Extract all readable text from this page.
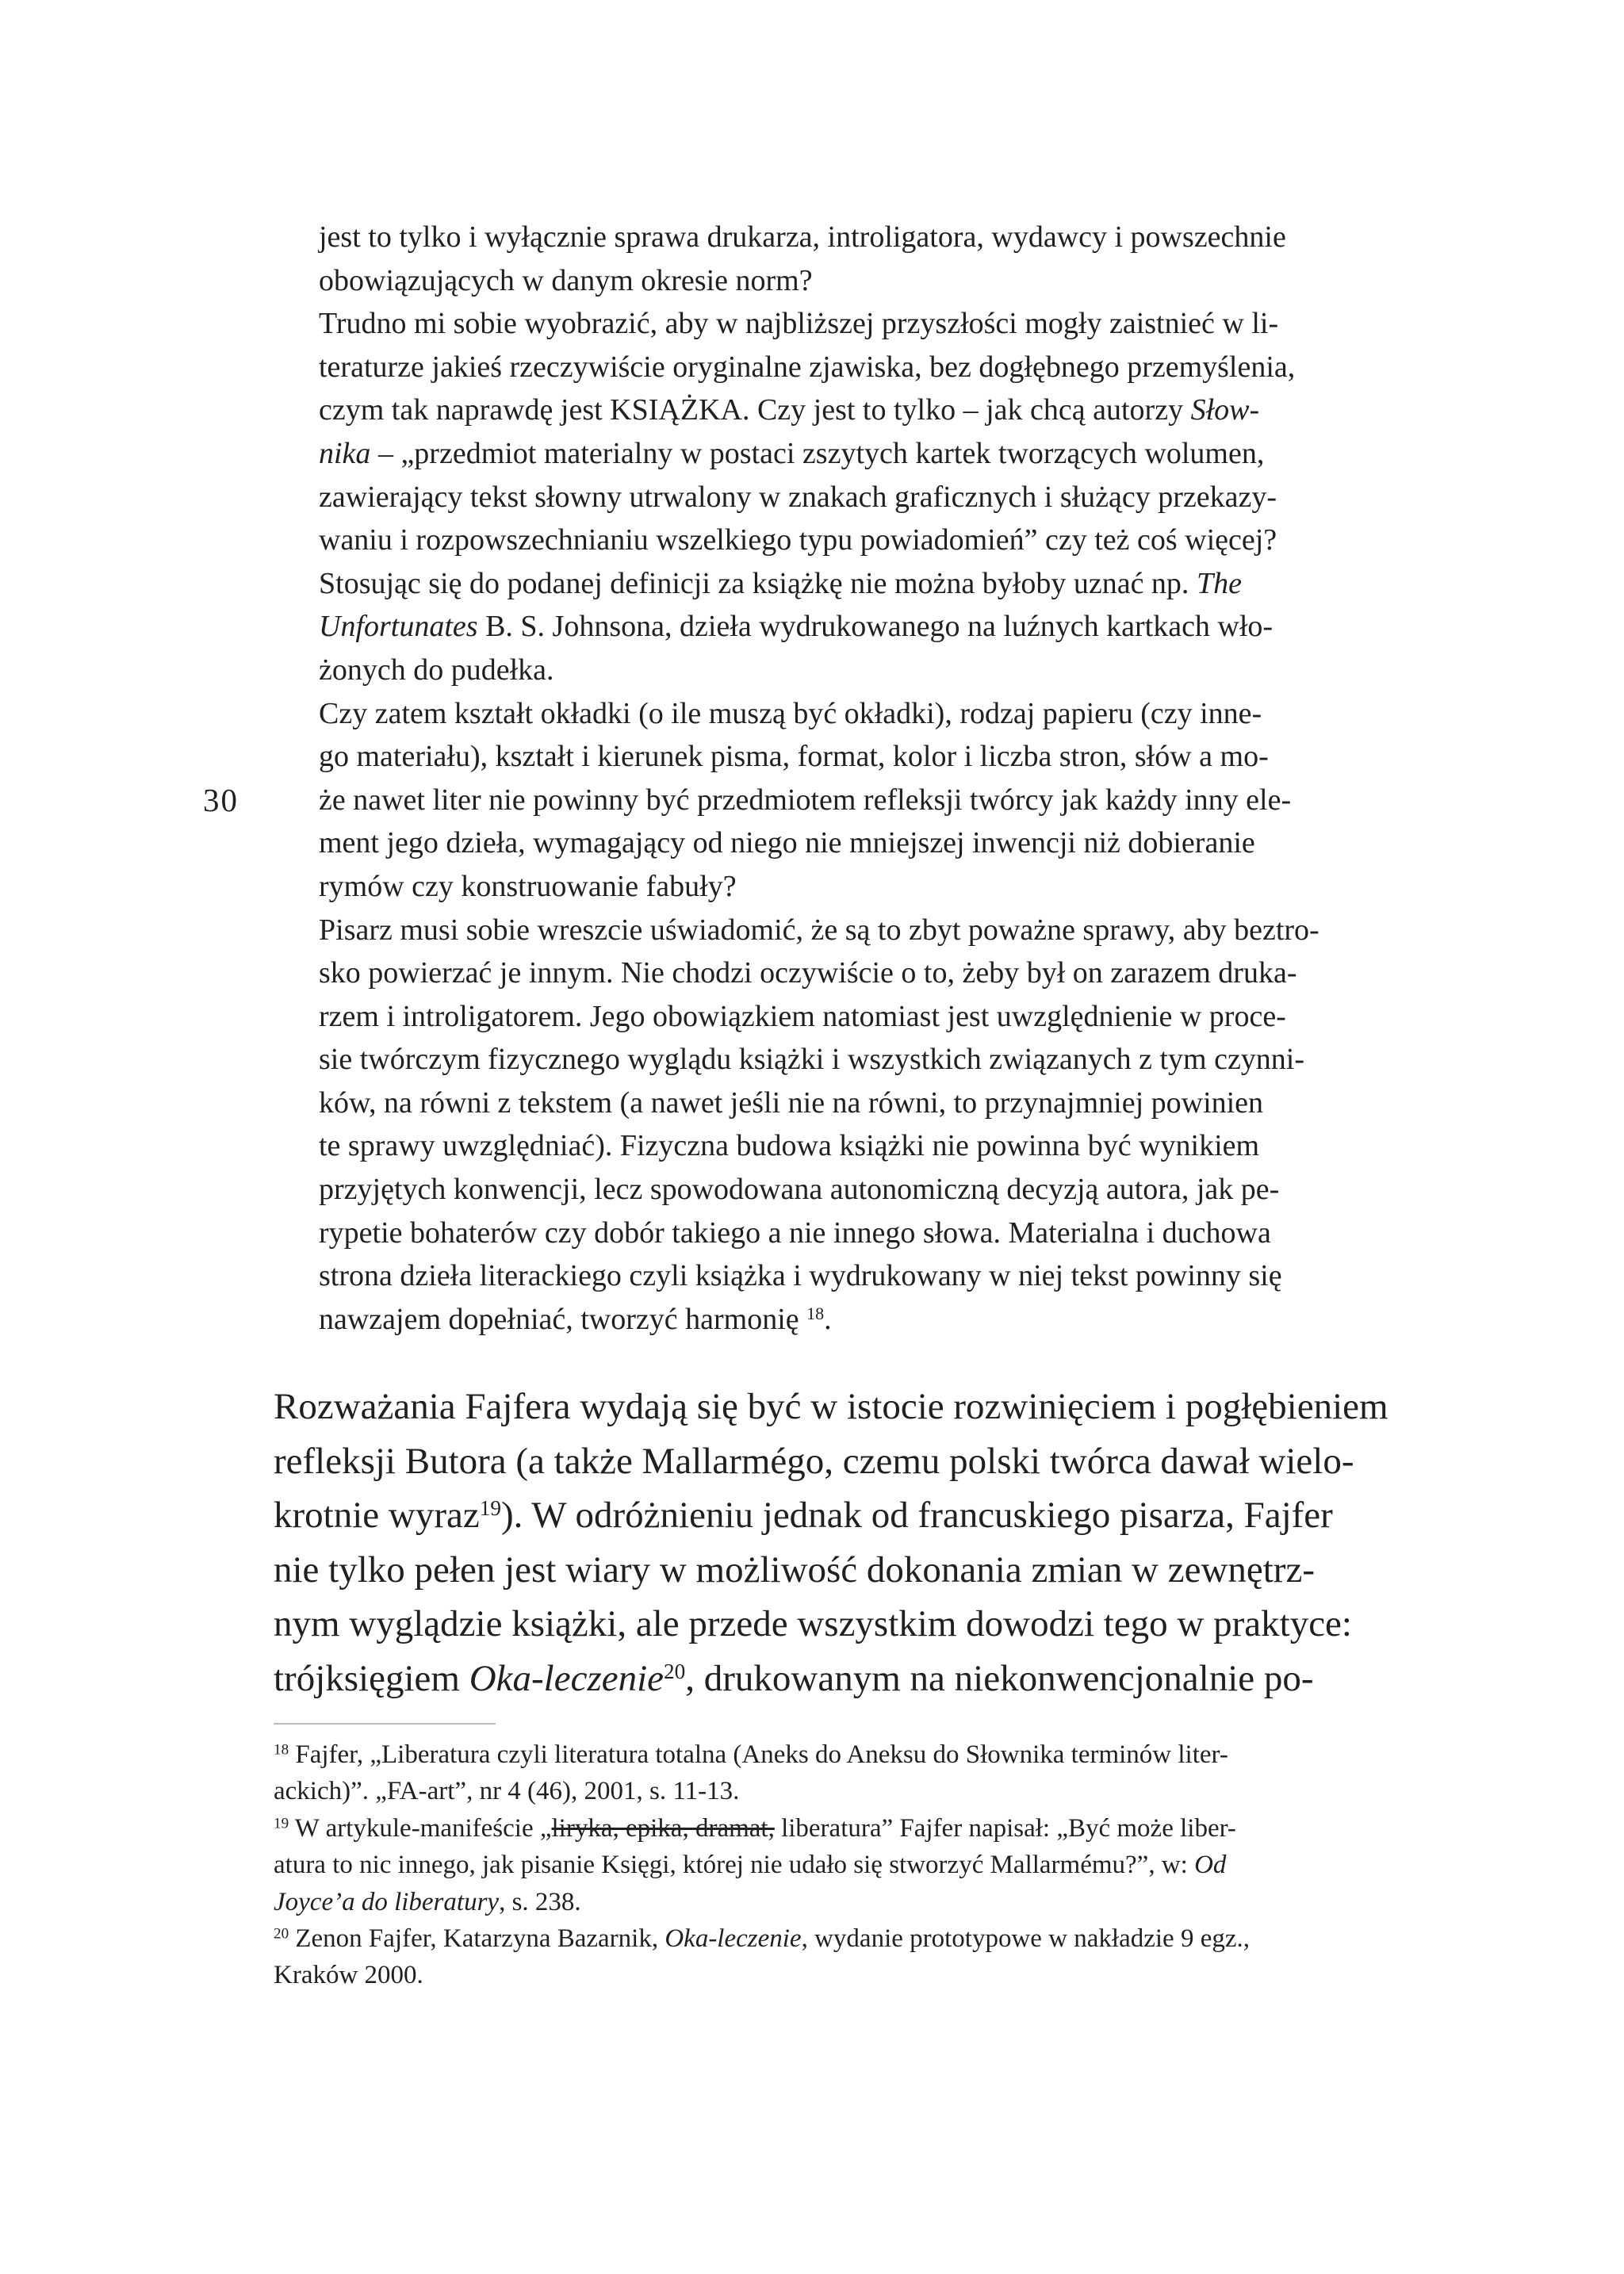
30
jest to tylko i wyłącznie sprawa drukarza, introligatora, wydawcy i powszechnie
obowiązujących w danym okresie norm?
Trudno mi sobie wyobrazić, aby w najbliższej przyszłości mogły zaistnieć w li-
teraturze jakieś rzeczywiście oryginalne zjawiska, bez dogłębnego przemyślenia,
czym tak naprawdę jest KSIĄŻKA. Czy jest to tylko – jak chcą autorzy Słow-
nika – „przedmiot materialny w postaci zszytych kartek tworzących wolumen,
zawierający tekst słowny utrwalony w znakach graficznych i służący przekazy-
waniu i rozpowszechnianiu wszelkiego typu powiadomień” czy też coś więcej?
Stosując się do podanej definicji za książkę nie można byłoby uznać np. The
Unfortunates B. S. Johnsona, dzieła wydrukowanego na luźnych kartkach wło-
żonych do pudełka.
Czy zatem kształt okładki (o ile muszą być okładki), rodzaj papieru (czy inne-
go materiału), kształt i kierunek pisma, format, kolor i liczba stron, słów a mo-
że nawet liter nie powinny być przedmiotem refleksji twórcy jak każdy inny ele-
ment jego dzieła, wymagający od niego nie mniejszej inwencji niż dobieranie
rymów czy konstruowanie fabuły?
Pisarz musi sobie wreszcie uświadomić, że są to zbyt poważne sprawy, aby beztro-
sko powierzać je innym. Nie chodzi oczywiście o to, żeby był on zarazem druka-
rzem i introligatorem. Jego obowiązkiem natomiast jest uwzględnienie w proce-
sie twórczym fizycznego wyglądu książki i wszystkich związanych z tym czynni-
ków, na równi z tekstem (a nawet jeśli nie na równi, to przynajmniej powinien
te sprawy uwzględniać). Fizyczna budowa książki nie powinna być wynikiem
przyjętych konwencji, lecz spowodowana autonomiczną decyzją autora, jak pe-
rypetie bohaterów czy dobór takiego a nie innego słowa. Materialna i duchowa
strona dzieła literackiego czyli książka i wydrukowany w niej tekst powinny się
nawzajem dopełniać, tworzyć harmonię $^{18}$.
Rozważania Fajfera wydają się być w istocie rozwinięciem i pogłębieniem
refleksji Butora (a także Mallarmégo, czemu polski twórca dawał wielo-
krotnie wyraz$^{19}$). W odróżnieniu jednak od francuskiego pisarza, Fajfer
nie tylko pełen jest wiary w możliwość dokonania zmian w zewnętrz-
nym wyglądzie książki, ale przede wszystkim dowodzi tego w praktyce:
trójksięgiem Oka-leczenie$^{20}$, drukowanym na niekonwencjonalnie po-
$^{18}$ Fajfer, „Liberatura czyli literatura totalna (Aneks do Aneksu do Słownika terminów liter-
ackich)”. „FA-art”, nr 4 (46), 2001, s. 11-13.
$^{19}$ W artykule-manifeście „liryka, epika, dramat, liberatura” Fajfer napisał: „Być może liber-
atura to nic innego, jak pisanie Księgi, której nie udało się stworzyć Mallarmému?”, w: Od
Joyce’a do liberatury, s. 238.
$^{20}$ Zenon Fajfer, Katarzyna Bazarnik, Oka-leczenie, wydanie prototypowe w nakładzie 9 egz.,
Kraków 2000.
